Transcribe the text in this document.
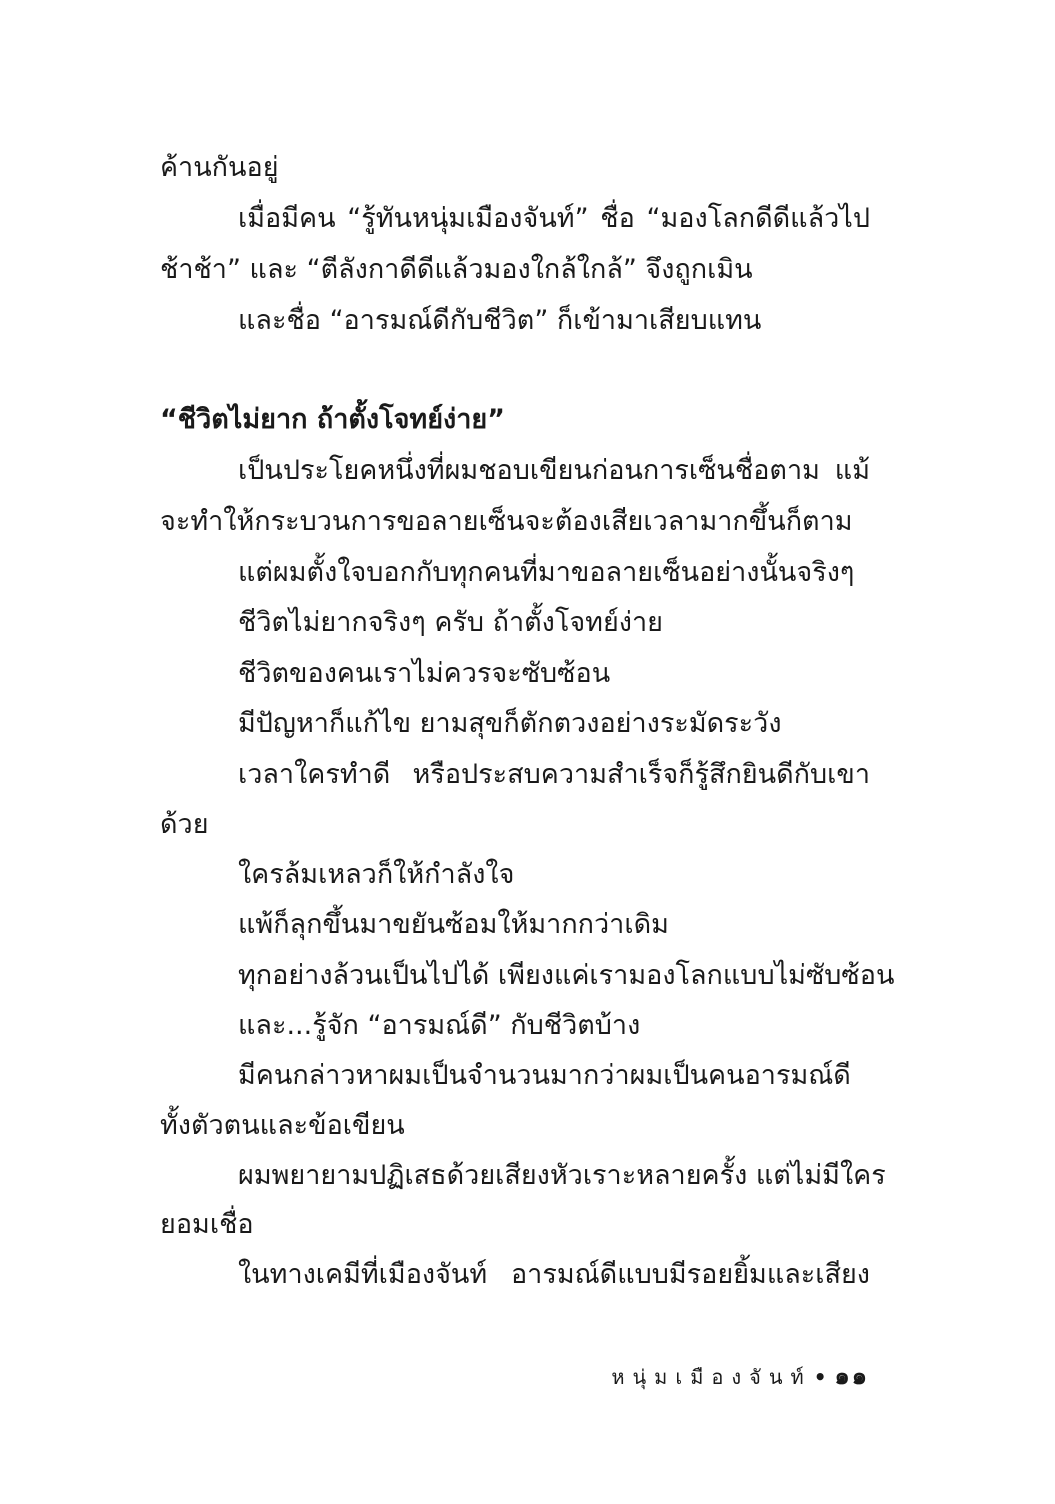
ค้านกันอยู่
เมื่อมีคน “รู้ทันหนุ่มเมืองจันท์” ชื่อ “มองโลกดีดีแล้วไป
ช้าช้า” และ “ตีลังกาดีดีแล้วมองใกล้ใกล้” จึงถูกเมิน
และชื่อ “อารมณ์ดีกับชีวิต” ก็เข้ามาเสียบแทน
“ชีวิตไม่ยาก ถ้าตั้งโจทย์ง่าย”
เป็นประโยคหนึ่งที่ผมชอบเขียนก่อนการเซ็นชื่อตาม แม้
จะทำให้กระบวนการขอลายเซ็นจะต้องเสียเวลามากขึ้นก็ตาม
แต่ผมตั้งใจบอกกับทุกคนที่มาขอลายเซ็นอย่างนั้นจริงๆ
ชีวิตไม่ยากจริงๆ ครับ ถ้าตั้งโจทย์ง่าย
ชีวิตของคนเราไม่ควรจะซับซ้อน
มีปัญหาก็แก้ไข ยามสุขก็ตักตวงอย่างระมัดระวัง
เวลาใครทำดี หรือประสบความสำเร็จก็รู้สึกยินดีกับเขา
ด้วย
ใครล้มเหลวก็ให้กำลังใจ
แพ้ก็ลุกขึ้นมาขยันซ้อมให้มากกว่าเดิม
ทุกอย่างล้วนเป็นไปได้ เพียงแค่เรามองโลกแบบไม่ซับซ้อน
และ...รู้จัก “อารมณ์ดี” กับชีวิตบ้าง
มีคนกล่าวหาผมเป็นจำนวนมากว่าผมเป็นคนอารมณ์ดี
ทั้งตัวตนและข้อเขียน
ผมพยายามปฏิเสธด้วยเสียงหัวเราะหลายครั้ง แต่ไม่มีใคร
ยอมเชื่อ
ในทางเคมีที่เมืองจันท์ อารมณ์ดีแบบมีรอยยิ้มและเสียง
หนุ่มเมืองจันท์ • ๑๑
